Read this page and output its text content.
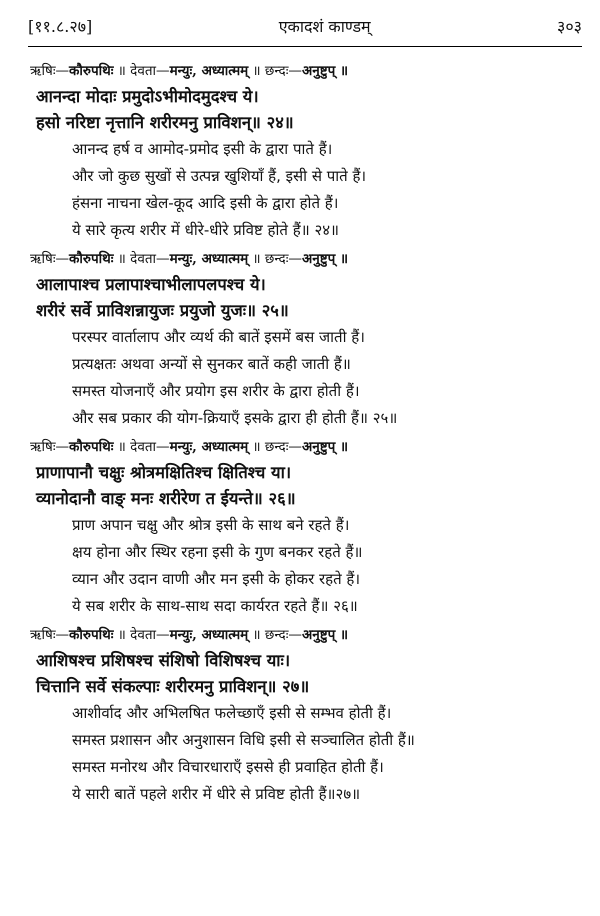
[११.८.२७]	एकादशं काण्डम्	३०३
ऋषिः—कौरुपथिः ॥ देवता—मन्युः, अध्यात्मम् ॥ छन्दः—अनुष्टुप् ॥
आनन्दा मोदाः प्रमुदोऽभीमोदमुदश्च ये।
हसो नरिष्टा नृत्तानि शरीरमनु प्राविशन्॥ २४॥
आनन्द हर्ष व आमोद-प्रमोद इसी के द्वारा पाते हैं।
और जो कुछ सुखों से उत्पन्न खुशियाँ हैं, इसी से पाते हैं।
हंसना नाचना खेल-कूद आदि इसी के द्वारा होते हैं।
ये सारे कृत्य शरीर में धीरे-धीरे प्रविष्ट होते हैं॥ २४॥
ऋषिः—कौरुपथिः ॥ देवता—मन्युः, अध्यात्मम् ॥ छन्दः—अनुष्टुप् ॥
आलापाश्च प्रलापाश्चाभीलापलपश्च ये।
शरीरं सर्वे प्राविशन्नायुजः प्रयुजो युजः॥ २५॥
परस्पर वार्तालाप और व्यर्थ की बातें इसमें बस जाती हैं।
प्रत्यक्षतः अथवा अन्यों से सुनकर बातें कही जाती हैं॥
समस्त योजनाएँ और प्रयोग इस शरीर के द्वारा होती हैं।
और सब प्रकार की योग-क्रियाएँ इसके द्वारा ही होती हैं॥ २५॥
ऋषिः—कौरुपथिः ॥ देवता—मन्युः, अध्यात्मम् ॥ छन्दः—अनुष्टुप् ॥
प्राणापानौ चक्षुः श्रोत्रमक्षितिश्च क्षितिश्च या।
व्यानोदानौ वाङ् मनः शरीरेण त ईयन्ते॥ २६॥
प्राण अपान चक्षु और श्रोत्र इसी के साथ बने रहते हैं।
क्षय होना और स्थिर रहना इसी के गुण बनकर रहते हैं॥
व्यान और उदान वाणी और मन इसी के होकर रहते हैं।
ये सब शरीर के साथ-साथ सदा कार्यरत रहते हैं॥ २६॥
ऋषिः—कौरुपथिः ॥ देवता—मन्युः, अध्यात्मम् ॥ छन्दः—अनुष्टुप् ॥
आशिषश्च प्रशिषश्च संशिषो विशिषश्च याः।
चित्तानि सर्वे संकल्पाः शरीरमनु प्राविशन्॥ २७॥
आशीर्वाद और अभिलषित फलेच्छाएँ इसी से सम्भव होती हैं।
समस्त प्रशासन और अनुशासन विधि इसी से सञ्चालित होती हैं॥
समस्त मनोरथ और विचारधाराएँ इससे ही प्रवाहित होती हैं।
ये सारी बातें पहले शरीर में धीरे से प्रविष्ट होती हैं॥२७॥
